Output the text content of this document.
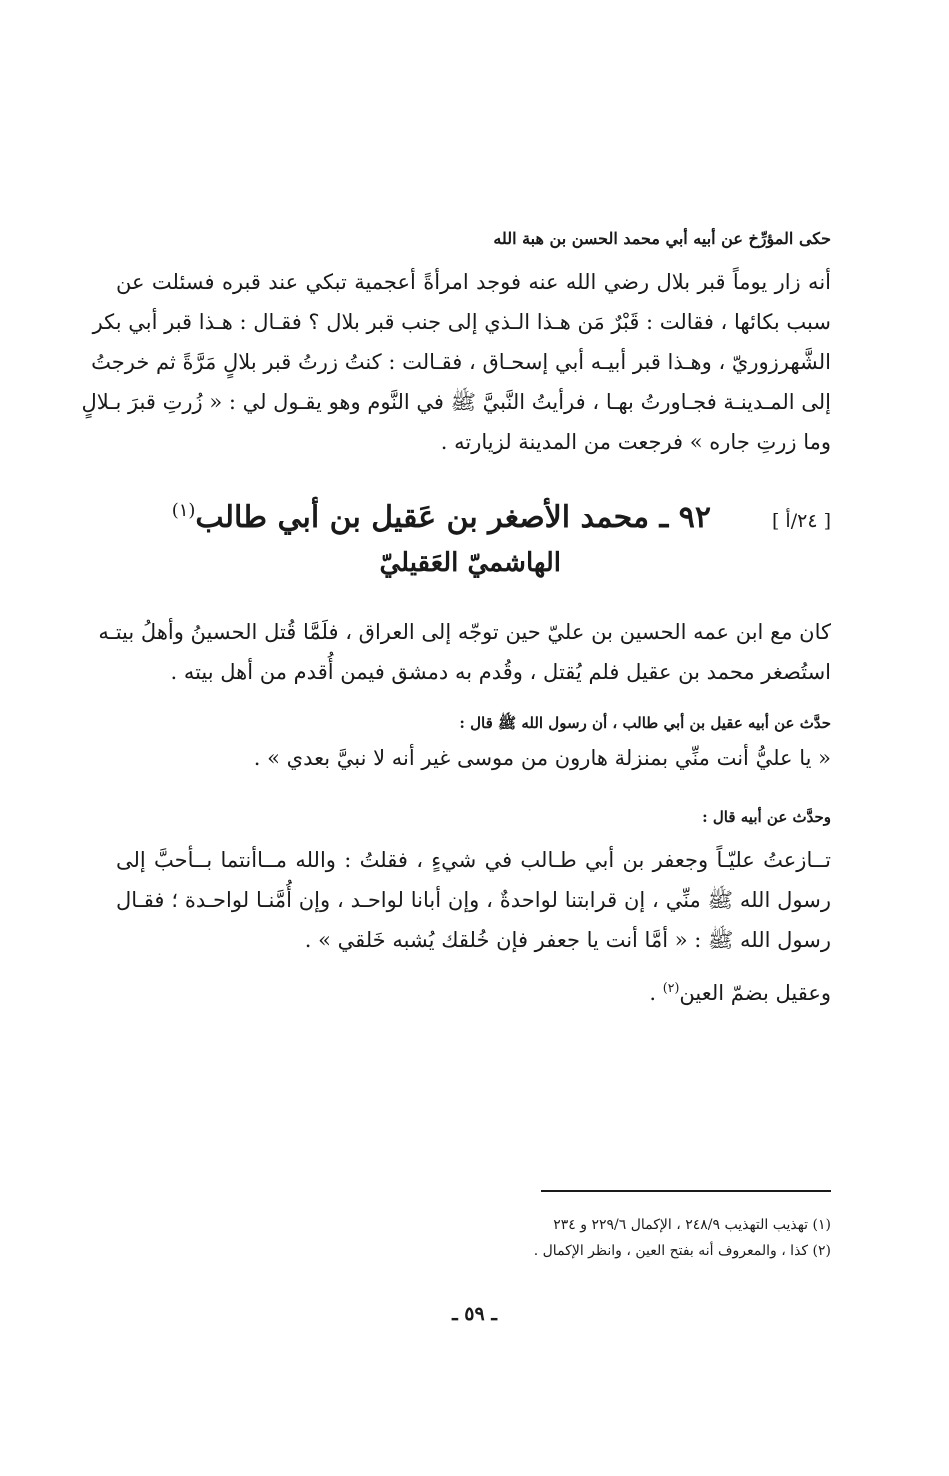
حكى المؤرِّخ عن أبيه أبي محمد الحسن بن هبة الله
أنه زار يوماً قبر بلال رضي الله عنه فوجد امرأةً أعجمية تبكي عند قبره فسئلت عن
سبب بكائها ، فقالت : قَبْرٌ مَن هـذا الـذي إلى جنب قبر بلال ؟ فقـال : هـذا قبر أبي بكر
الشَّهرزوريّ ، وهـذا قبر أبيـه أبي إسحـاق ، فقـالت : كنتُ زرتُ قبر بلالٍ مَرَّةً ثم خرجتُ
إلى المـدينـة فجـاورتُ بهـا ، فرأيتُ النَّبيَّ ﷺ في النَّوم وهو يقـول لي : « زُرتِ قبرَ بـلالٍ
وما زرتِ جاره » فرجعت من المدينة لزيارته .
[ ٢٤/أ ]
٩٢ ـ محمد الأصغر بن عَقيل بن أبي طالب$^{(١)}$
الهاشميّ العَقيليّ
كان مع ابن عمه الحسين بن عليّ حين توجّه إلى العراق ، فلَمَّا قُتل الحسينُ وأهلُ بيتـه
استُصغر محمد بن عقيل فلم يُقتل ، وقُدم به دمشق فيمن أُقدم من أهل بيته .
حدَّث عن أبيه عقيل بن أبي طالب ، أن رسول الله ﷺ قال :
« يا عليُّ أنت منِّي بمنزلة هارون من موسى غير أنه لا نبيَّ بعدي » .
وحدَّث عن أبيه قال :
تــازعتُ عليّـاً وجعفر بن أبي طـالب في شيءٍ ، فقلتُ : والله مــاأنتما بــأحبَّ إلى
رسول الله ﷺ منِّي ، إن قرابتنا لواحدةٌ ، وإن أبانا لواحـد ، وإن أُمَّنـا لواحـدة ؛ فقـال
رسول الله ﷺ : « أمَّا أنت يا جعفر فإن خُلقك يُشبه خَلقي » .
وعقيل بضمّ العين$^{(٢)}$ .
(١) تهذيب التهذيب ٢٤٨/٩ ، الإكمال ٢٢٩/٦ و ٢٣٤
(٢) كذا ، والمعروف أنه بفتح العين ، وانظر الإكمال .
ـ ٥٩ ـ
